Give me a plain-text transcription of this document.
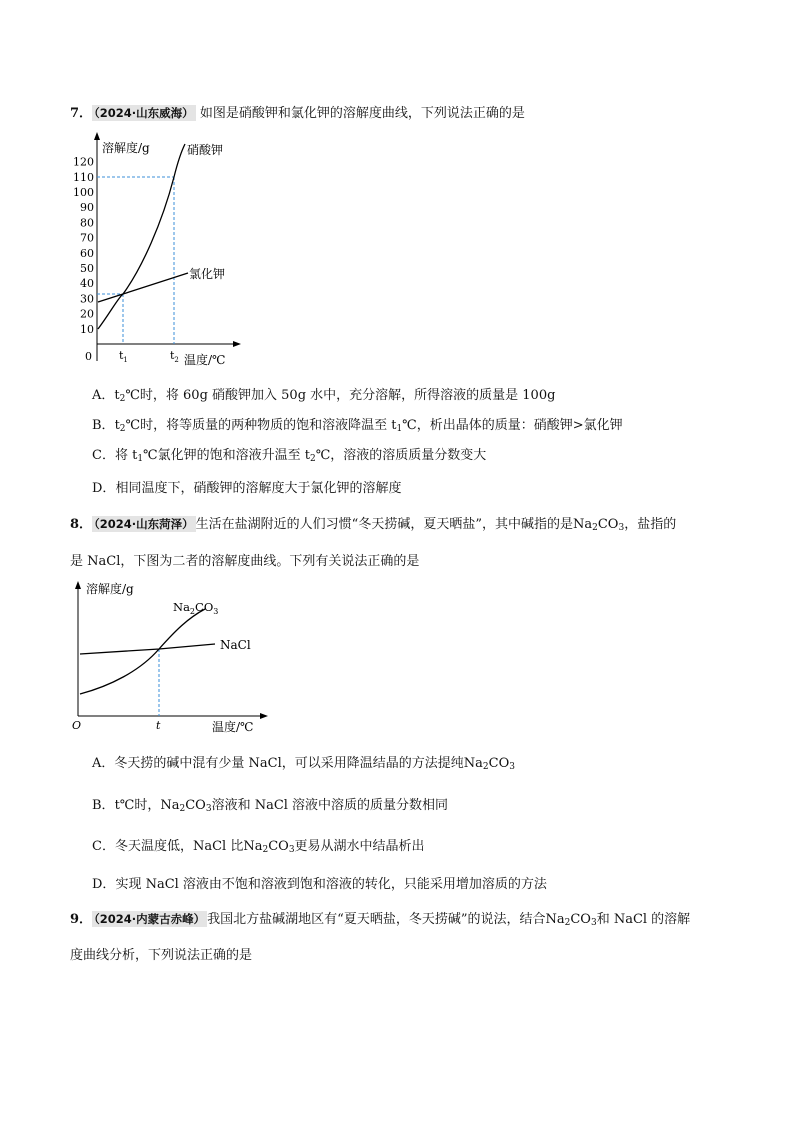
7． （2024·山东威海） 如图是硝酸钾和氯化钾的溶解度曲线，下列说法正确的是
溶解度/g
0
10
20
30
40
50
60
70
80
90
100
110
120
硝酸钾
氯化钾
$t_1$	$t_2$ 温度/℃
A．$t_2℃$时，将 60g 硝酸钾加入 50g 水中，充分溶解，所得溶液的质量是 100g
B．$t_2℃$时，将等质量的两种物质的饱和溶液降温至 $t_1℃$，析出晶体的质量：硝酸钾>氯化钾
C．将 $t_1℃$氯化钾的饱和溶液升温至 $t_2℃$，溶液的溶质质量分数变大
D．相同温度下，硝酸钾的溶解度大于氯化钾的溶解度
8． （2024·山东菏泽） 生活在盐湖附近的人们习惯“冬天捞碱，夏天晒盐”，其中碱指的是$Na_2CO_3$，盐指的
是 NaCl，下图为二者的溶解度曲线。下列有关说法正确的是
溶解度/g
O
$Na_2CO_3$
NaCl
t	温度/℃
A．冬天捞的碱中混有少量 NaCl，可以采用降温结晶的方法提纯$Na_2CO_3$
B．t℃时，$Na_2CO_3$溶液和 NaCl 溶液中溶质的质量分数相同
C．冬天温度低，NaCl 比$Na_2CO_3$更易从湖水中结晶析出
D．实现 NaCl 溶液由不饱和溶液到饱和溶液的转化，只能采用增加溶质的方法
9． （2024·内蒙古赤峰） 我国北方盐碱湖地区有“夏天晒盐，冬天捞碱”的说法，结合$Na_2CO_3$和 NaCl 的溶解
度曲线分析，下列说法正确的是
